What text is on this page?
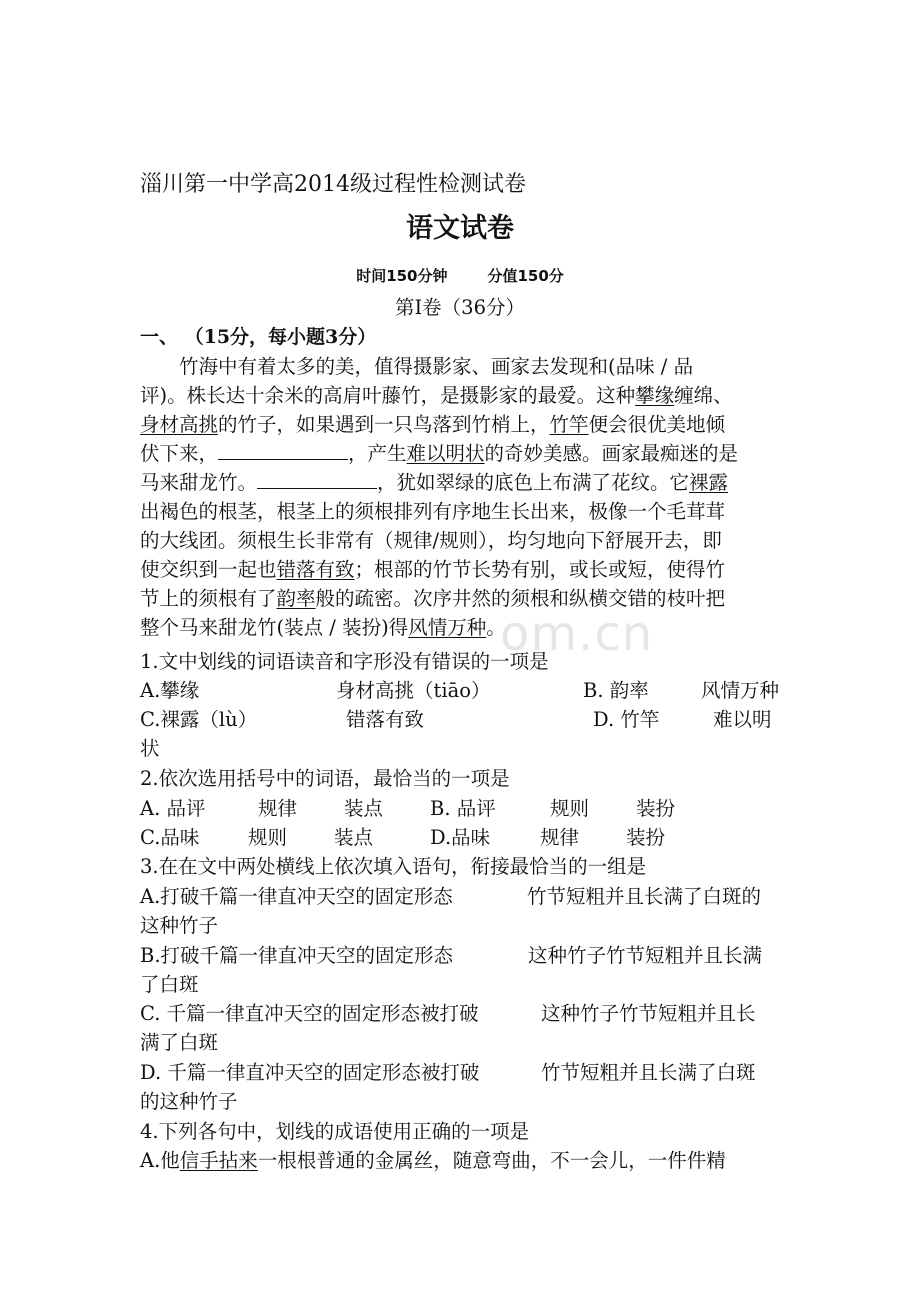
淄川第一中学高2014级过程性检测试卷
语文试卷
时间150分钟	分值150分
第Ⅰ卷（36分）
一、 （15分，每小题3分）
竹海中有着太多的美，值得摄影家、画家去发现和(品味 / 品
评)。株长达十余米的高肩叶藤竹，是摄影家的最爱。这种攀缘缠绵、
身材高挑的竹子，如果遇到一只鸟落到竹梢上，竹竿便会很优美地倾
伏下来，	，产生难以明状的奇妙美感。画家最痴迷的是
马来甜龙竹。	，犹如翠绿的底色上布满了花纹。它裸露
出褐色的根茎，根茎上的须根排列有序地生长出来，极像一个毛茸茸
的大线团。须根生长非常有（规律/规则），均匀地向下舒展开去，即
使交织到一起也错落有致；根部的竹节长势有别，或长或短，使得竹
节上的须根有了韵率般的疏密。次序井然的须根和纵横交错的枝叶把
整个马来甜龙竹(装点 / 装扮)得风情万种。
1.文中划线的词语读音和字形没有错误的一项是
A.攀缘	身材高挑（tiāo）	B. 韵率	风情万种
C.裸露（lù）	错落有致	D. 竹竿	难以明
状
2.依次选用括号中的词语，最恰当的一项是
A. 品评	规律 装点 B. 品评	规则 装扮
C.品味 规则 装点	D.品味	规律 装扮
3.在在文中两处横线上依次填入语句，衔接最恰当的一组是
A.打破千篇一律直冲天空的固定形态	竹节短粗并且长满了白斑的
这种竹子
B.打破千篇一律直冲天空的固定形态	这种竹子竹节短粗并且长满
了白斑
C. 千篇一律直冲天空的固定形态被打破	这种竹子竹节短粗并且长
满了白斑
D. 千篇一律直冲天空的固定形态被打破	竹节短粗并且长满了白斑
的这种竹子
4.下列各句中，划线的成语使用正确的一项是
A.他信手拈来一根根普通的金属丝，随意弯曲，不一会儿，一件件精
om.cn
